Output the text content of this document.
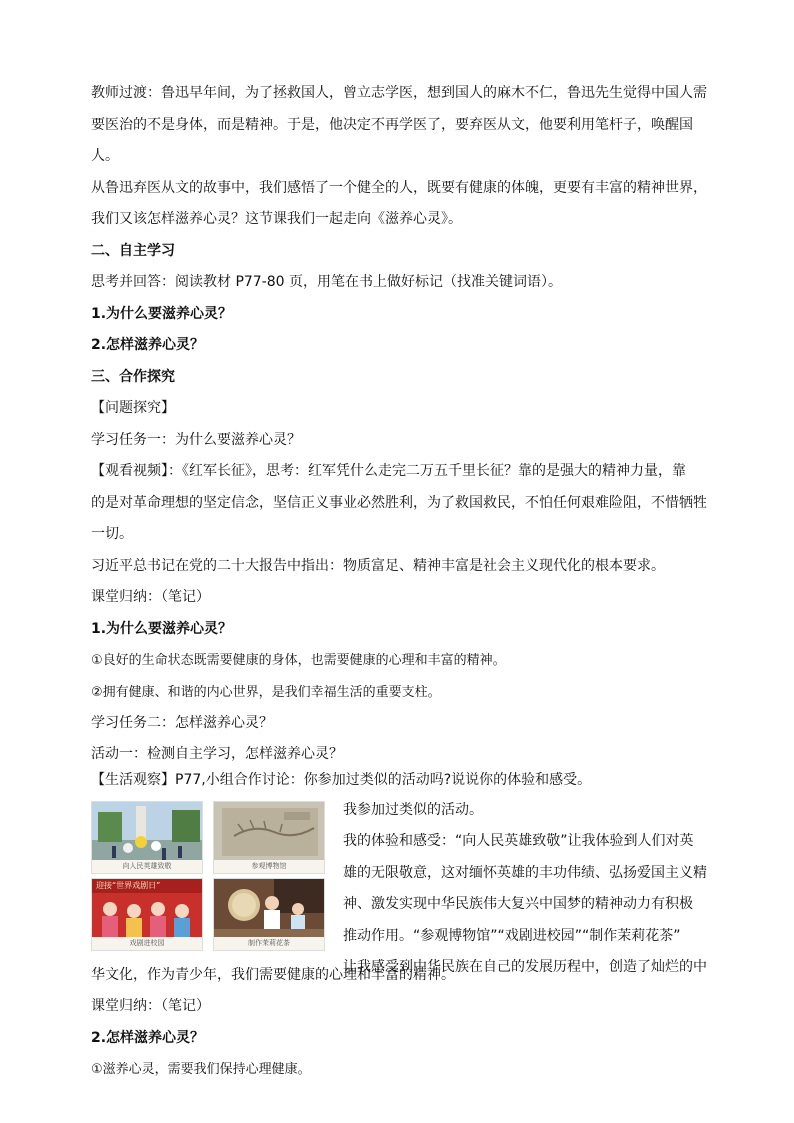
教师过渡：鲁迅早年间，为了拯救国人，曾立志学医，想到国人的麻木不仁，鲁迅先生觉得中国人需

要医治的不是身体，而是精神。于是，他决定不再学医了，要弃医从文，他要利用笔杆子，唤醒国人。

从鲁迅弃医从文的故事中，我们感悟了一个健全的人，既要有健康的体魄，更要有丰富的精神世界，

我们又该怎样滋养心灵？这节课我们一起走向《滋养心灵》。

二、自主学习

思考并回答：阅读教材 P77-80 页，用笔在书上做好标记（找准关键词语）。

1.为什么要滋养心灵？

2.怎样滋养心灵？

三、合作探究

【问题探究】

学习任务一：为什么要滋养心灵？

【观看视频】：《红军长征》，思考：红军凭什么走完二万五千里长征？靠的是强大的精神力量，靠

的是对革命理想的坚定信念，坚信正义事业必然胜利，为了救国救民，不怕任何艰难险阻，不惜牺牲

一切。

习近平总书记在党的二十大报告中指出：物质富足、精神丰富是社会主义现代化的根本要求。

课堂归纳：（笔记）

1.为什么要滋养心灵？

①良好的生命状态既需要健康的身体，也需要健康的心理和丰富的精神。

②拥有健康、和谐的内心世界，是我们幸福生活的重要支柱。

学习任务二：怎样滋养心灵？

活动一：检测自主学习，怎样滋养心灵？

【生活观察】P77,小组合作讨论：你参加过类似的活动吗?说说你的体验和感受。

向人民英雄致敬	参观博物馆
迎接“世界戏剧日”
戏剧进校园	制作茉莉花茶

我参加过类似的活动。

我的体验和感受：“向人民英雄致敬”让我体验到人们对英

雄的无限敬意，这对缅怀英雄的丰功伟绩、弘扬爱国主义精

神、激发实现中华民族伟大复兴中国梦的精神动力有积极

推动作用。“参观博物馆”“戏剧进校园”“制作茉莉花茶”

让我感受到中华民族在自己的发展历程中，创造了灿烂的中

华文化，作为青少年，我们需要健康的心理和丰富的精神。

课堂归纳：（笔记）

2.怎样滋养心灵？

①滋养心灵，需要我们保持心理健康。
